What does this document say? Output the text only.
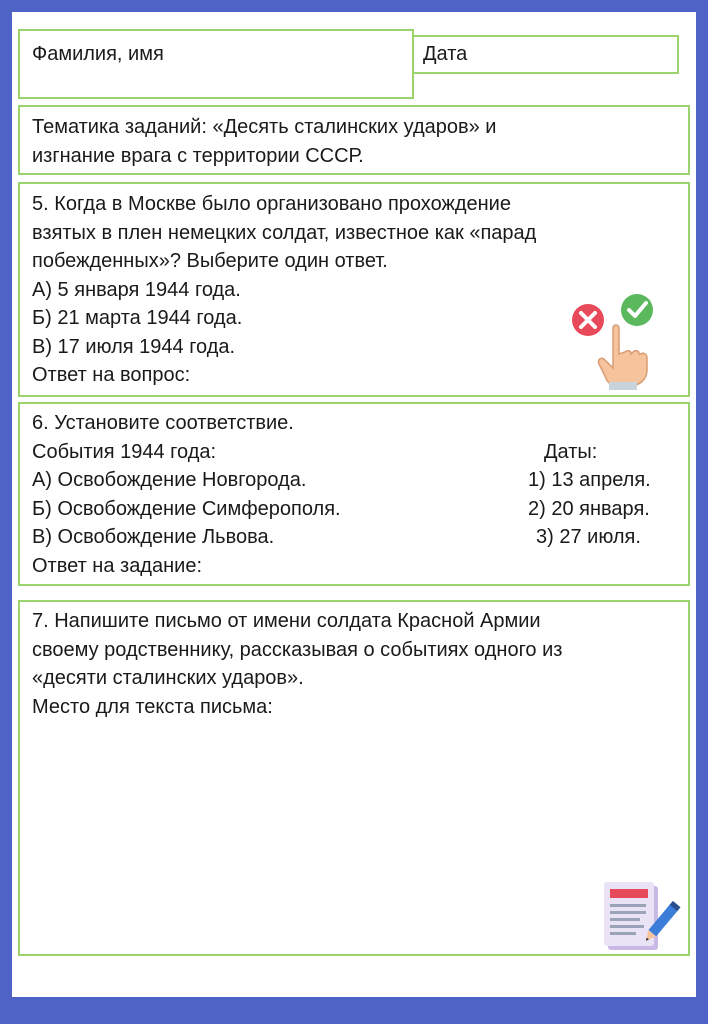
Фамилия, имя	Дата
Тематика заданий: «Десять сталинских ударов» и
изгнание врага с территории СССР.
5. Когда в Москве было организовано прохождение
взятых в плен немецких солдат, известное как «парад
побежденных»? Выберите один ответ.
А) 5 января 1944 года.
Б) 21 марта 1944 года.
В) 17 июля 1944 года.
Ответ на вопрос:
6. Установите соответствие.
События 1944 года:	Даты:
А) Освобождение Новгорода.	1) 13 апреля.
Б) Освобождение Симферополя.	2) 20 января.
В) Освобождение Львова.	3) 27 июля.
Ответ на задание:
7. Напишите письмо от имени солдата Красной Армии
своему родственнику, рассказывая о событиях одного из
«десяти сталинских ударов».
Место для текста письма:
